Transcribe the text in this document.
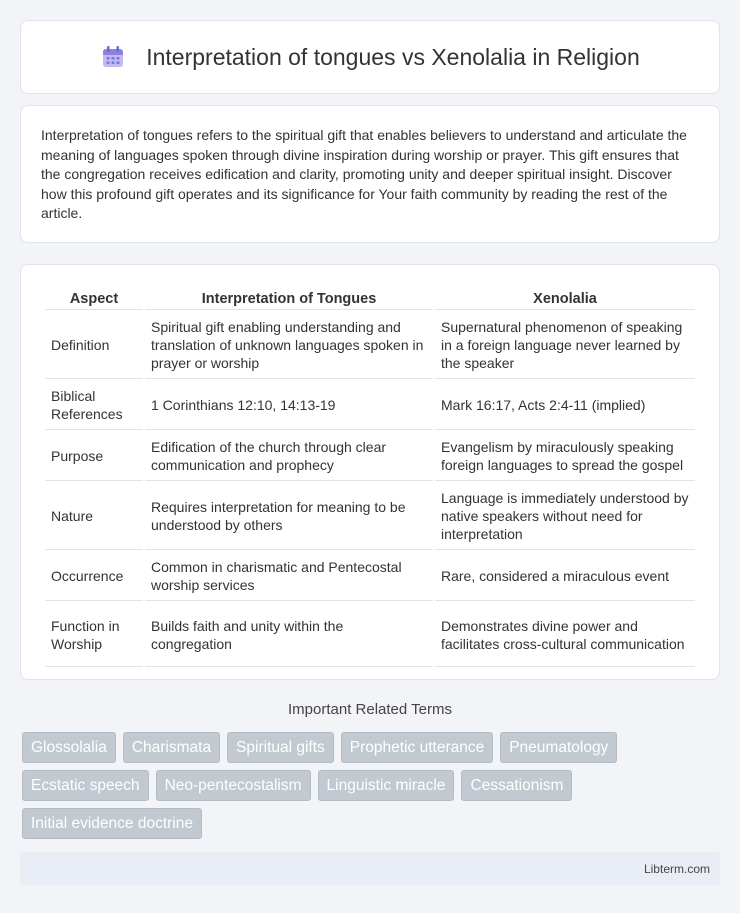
Interpretation of tongues vs Xenolalia in Religion

Interpretation of tongues refers to the spiritual gift that enables believers to understand and articulate the meaning of languages spoken through divine inspiration during worship or prayer. This gift ensures that the congregation receives edification and clarity, promoting unity and deeper spiritual insight. Discover how this profound gift operates and its significance for Your faith community by reading the rest of the article.

Aspect	Interpretation of Tongues	Xenolalia
Definition	Spiritual gift enabling understanding and translation of unknown languages spoken in prayer or worship	Supernatural phenomenon of speaking in a foreign language never learned by the speaker
Biblical References	1 Corinthians 12:10, 14:13-19	Mark 16:17, Acts 2:4-11 (implied)
Purpose	Edification of the church through clear communication and prophecy	Evangelism by miraculously speaking foreign languages to spread the gospel
Nature	Requires interpretation for meaning to be understood by others	Language is immediately understood by native speakers without need for interpretation
Occurrence	Common in charismatic and Pentecostal worship services	Rare, considered a miraculous event
Function in Worship	Builds faith and unity within the congregation	Demonstrates divine power and facilitates cross-cultural communication
Important Related Terms
Glossolalia	Charismata	Spiritual gifts	Prophetic utterance	Pneumatology
Ecstatic speech	Neo-pentecostalism	Linguistic miracle	Cessationism
Initial evidence doctrine
Libterm.com
